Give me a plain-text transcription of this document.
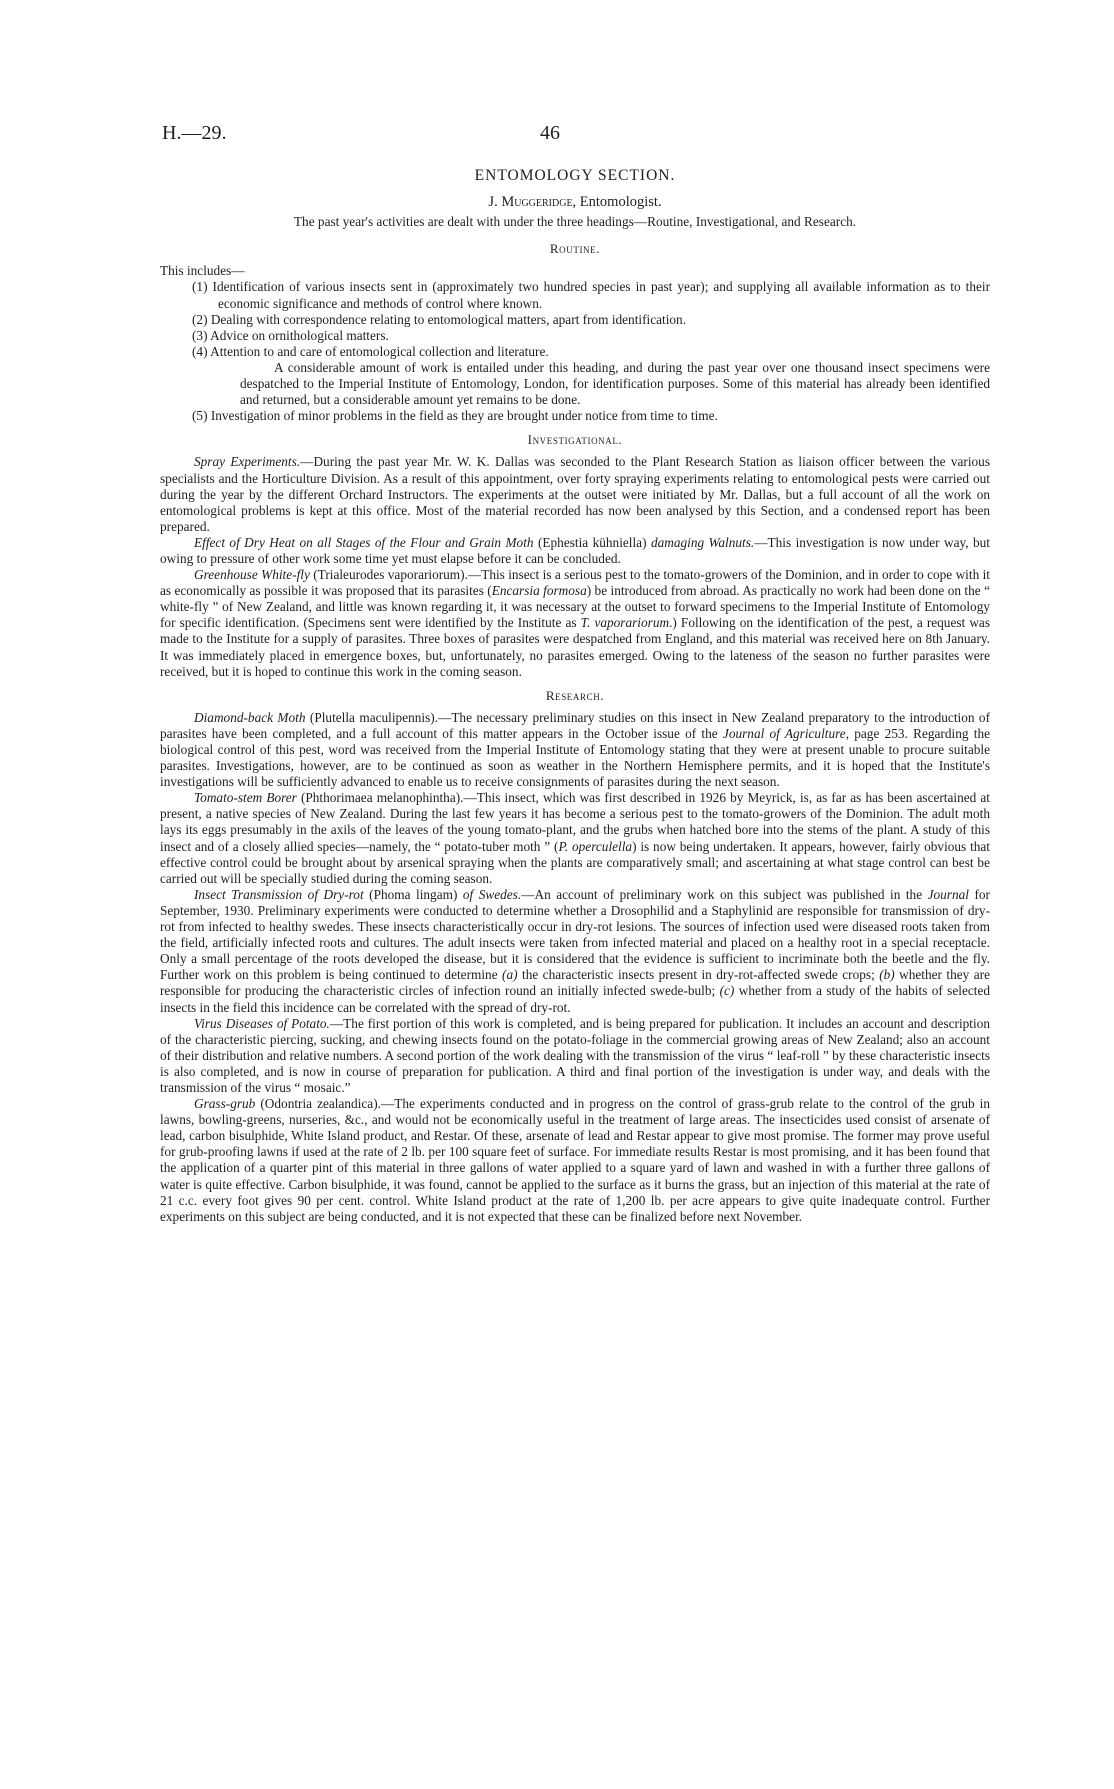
H.—29.	46
ENTOMOLOGY SECTION.
J. Muggeridge, Entomologist.
The past year's activities are dealt with under the three headings—Routine, Investigational, and Research.
Routine.

This includes—

(1) Identification of various insects sent in (approximately two hundred species in past year); and supplying all available information as to their economic significance and methods of control where known.
(2) Dealing with correspondence relating to entomological matters, apart from identification.
(3) Advice on ornithological matters.
(4) Attention to and care of entomological collection and literature.

A considerable amount of work is entailed under this heading, and during the past year over one thousand insect specimens were despatched to the Imperial Institute of Entomology, London, for identification purposes. Some of this material has already been identified and returned, but a considerable amount yet remains to be done.

(5) Investigation of minor problems in the field as they are brought under notice from time to time.
Investigational.

Spray Experiments.—During the past year Mr. W. K. Dallas was seconded to the Plant Research Station as liaison officer between the various specialists and the Horticulture Division. As a result of this appointment, over forty spraying experiments relating to entomological pests were carried out during the year by the different Orchard Instructors. The experiments at the outset were initiated by Mr. Dallas, but a full account of all the work on entomological problems is kept at this office. Most of the material recorded has now been analysed by this Section, and a condensed report has been prepared.

Effect of Dry Heat on all Stages of the Flour and Grain Moth (Ephestia kühniella) damaging Walnuts.—This investigation is now under way, but owing to pressure of other work some time yet must elapse before it can be concluded.

Greenhouse White-fly (Trialeurodes vaporariorum).—This insect is a serious pest to the tomato-growers of the Dominion, and in order to cope with it as economically as possible it was proposed that its parasites (Encarsia formosa) be introduced from abroad. As practically no work had been done on the “ white-fly ” of New Zealand, and little was known regarding it, it was necessary at the outset to forward specimens to the Imperial Institute of Entomology for specific identification. (Specimens sent were identified by the Institute as T. vaporariorum.) Following on the identification of the pest, a request was made to the Institute for a supply of parasites. Three boxes of parasites were despatched from England, and this material was received here on 8th January. It was immediately placed in emergence boxes, but, unfortunately, no parasites emerged. Owing to the lateness of the season no further parasites were received, but it is hoped to continue this work in the coming season.

Research.

Diamond-back Moth (Plutella maculipennis).—The necessary preliminary studies on this insect in New Zealand preparatory to the introduction of parasites have been completed, and a full account of this matter appears in the October issue of the Journal of Agriculture, page 253. Regarding the biological control of this pest, word was received from the Imperial Institute of Entomology stating that they were at present unable to procure suitable parasites. Investigations, however, are to be continued as soon as weather in the Northern Hemisphere permits, and it is hoped that the Institute's investigations will be sufficiently advanced to enable us to receive consignments of parasites during the next season.

Tomato-stem Borer (Phthorimaea melanophintha).—This insect, which was first described in 1926 by Meyrick, is, as far as has been ascertained at present, a native species of New Zealand. During the last few years it has become a serious pest to the tomato-growers of the Dominion. The adult moth lays its eggs presumably in the axils of the leaves of the young tomato-plant, and the grubs when hatched bore into the stems of the plant. A study of this insect and of a closely allied species—namely, the “ potato-tuber moth ” (P. operculella) is now being undertaken. It appears, however, fairly obvious that effective control could be brought about by arsenical spraying when the plants are comparatively small; and ascertaining at what stage control can best be carried out will be specially studied during the coming season.

Insect Transmission of Dry-rot (Phoma lingam) of Swedes.—An account of preliminary work on this subject was published in the Journal for September, 1930. Preliminary experiments were conducted to determine whether a Drosophilid and a Staphylinid are responsible for transmission of dry-rot from infected to healthy swedes. These insects characteristically occur in dry-rot lesions. The sources of infection used were diseased roots taken from the field, artificially infected roots and cultures. The adult insects were taken from infected material and placed on a healthy root in a special receptacle. Only a small percentage of the roots developed the disease, but it is considered that the evidence is sufficient to incriminate both the beetle and the fly. Further work on this problem is being continued to determine (a) the characteristic insects present in dry-rot-affected swede crops; (b) whether they are responsible for producing the characteristic circles of infection round an initially infected swede-bulb; (c) whether from a study of the habits of selected insects in the field this incidence can be correlated with the spread of dry-rot.

Virus Diseases of Potato.—The first portion of this work is completed, and is being prepared for publication. It includes an account and description of the characteristic piercing, sucking, and chewing insects found on the potato-foliage in the commercial growing areas of New Zealand; also an account of their distribution and relative numbers. A second portion of the work dealing with the transmission of the virus “ leaf-roll ” by these characteristic insects is also completed, and is now in course of preparation for publication. A third and final portion of the investigation is under way, and deals with the transmission of the virus “ mosaic.”

Grass-grub (Odontria zealandica).—The experiments conducted and in progress on the control of grass-grub relate to the control of the grub in lawns, bowling-greens, nurseries, &c., and would not be economically useful in the treatment of large areas. The insecticides used consist of arsenate of lead, carbon bisulphide, White Island product, and Restar. Of these, arsenate of lead and Restar appear to give most promise. The former may prove useful for grub-proofing lawns if used at the rate of 2 lb. per 100 square feet of surface. For immediate results Restar is most promising, and it has been found that the application of a quarter pint of this material in three gallons of water applied to a square yard of lawn and washed in with a further three gallons of water is quite effective. Carbon bisulphide, it was found, cannot be applied to the surface as it burns the grass, but an injection of this material at the rate of 21 c.c. every foot gives 90 per cent. control. White Island product at the rate of 1,200 lb. per acre appears to give quite inadequate control. Further experiments on this subject are being conducted, and it is not expected that these can be finalized before next November.
